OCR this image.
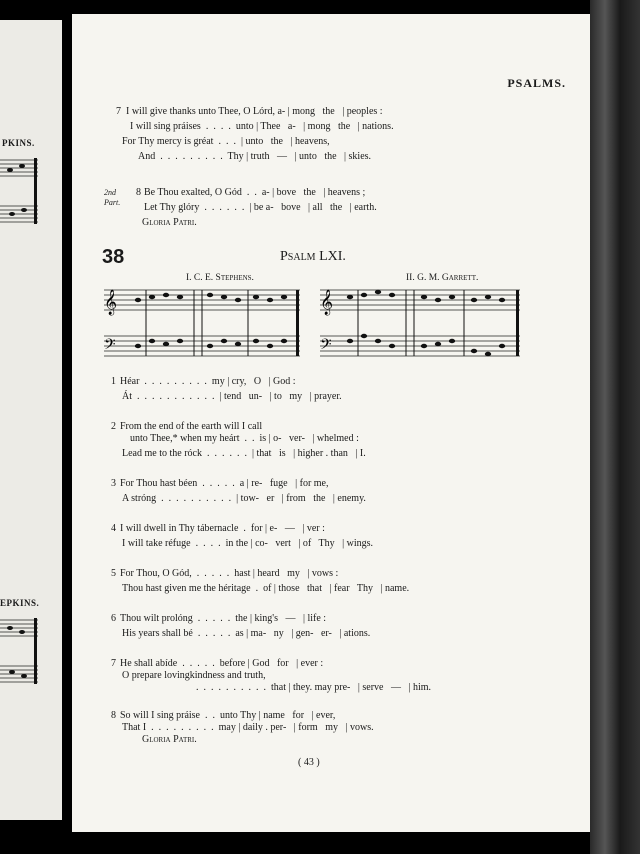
PKINS.
EPKINS.
PSALMS.
7 I will give thanks unto Thee, O Lórd, a- | mong   the   | peoples :
I will sing práises  .  .  .  .  unto | Thee   a-   | mong   the   | nations.
For Thy mercy is gréat  .  .  .  | unto   the   | heavens,
And  .  .  .  .  .  .  .  .  .  Thy | truth   —   | unto   the   | skies.
2nd Part.
8 Be Thou exalted, O Gód  .  .  a- | bove   the   | heavens ;
Let Thy glóry  .  .  .  .  .  .  | be a-   bove   | all   the   | earth.
Gloria Patri.
38	Psalm LXI.
I. C. E. Stephens.	II. G. M. Garrett.
𝄞
𝄢
𝄞
𝄢
1 Héar  .  .  .  .  .  .  .  .  .  my | cry,   O   | God :
Át  .  .  .  .  .  .  .  .  .  .  .  | tend   un-   | to   my   | prayer.
2 From the end of the earth will I call
unto Thee,* when my heárt  .  .  is | o-   ver-   | whelmed :
Lead me to the róck  .  .  .  .  .  .  | that   is   | higher . than   | I.
3 For Thou hast béen  .  .  .  .  .  a | re-   fuge   | for me,
A stróng  .  .  .  .  .  .  .  .  .  .  | tow-   er   | from   the   | enemy.
4 I will dwell in Thy tábernacle  .  for | e-   —   | ver :
I will take réfuge  .  .  .  .  in the | co-   vert   | of   Thy   | wings.
5 For Thou, O Gód,  .  .  .  .  .  hast | heard   my   | vows :
Thou hast given me the héritage  .  of | those   that   | fear   Thy   | name.
6 Thou wilt prolóng  .  .  .  .  .  the | king's   —   | life :
His years shall bé  .  .  .  .  .  as | ma-   ny   | gen-   er-   | ations.
7 He shall abíde  .  .  .  .  .  before | God   for   | ever :
O prepare lovingkindness and truth,
.  .  .  .  .  .  .  .  .  .  that | they. may pre-   | serve   —   | him.
8 So will I sing práise  .  .  unto Thy | name   for   | ever,
That I  .  .  .  .  .  .  .  .  .  may | daily . per-   | form   my   | vows.
Gloria Patri.
( 43 )
